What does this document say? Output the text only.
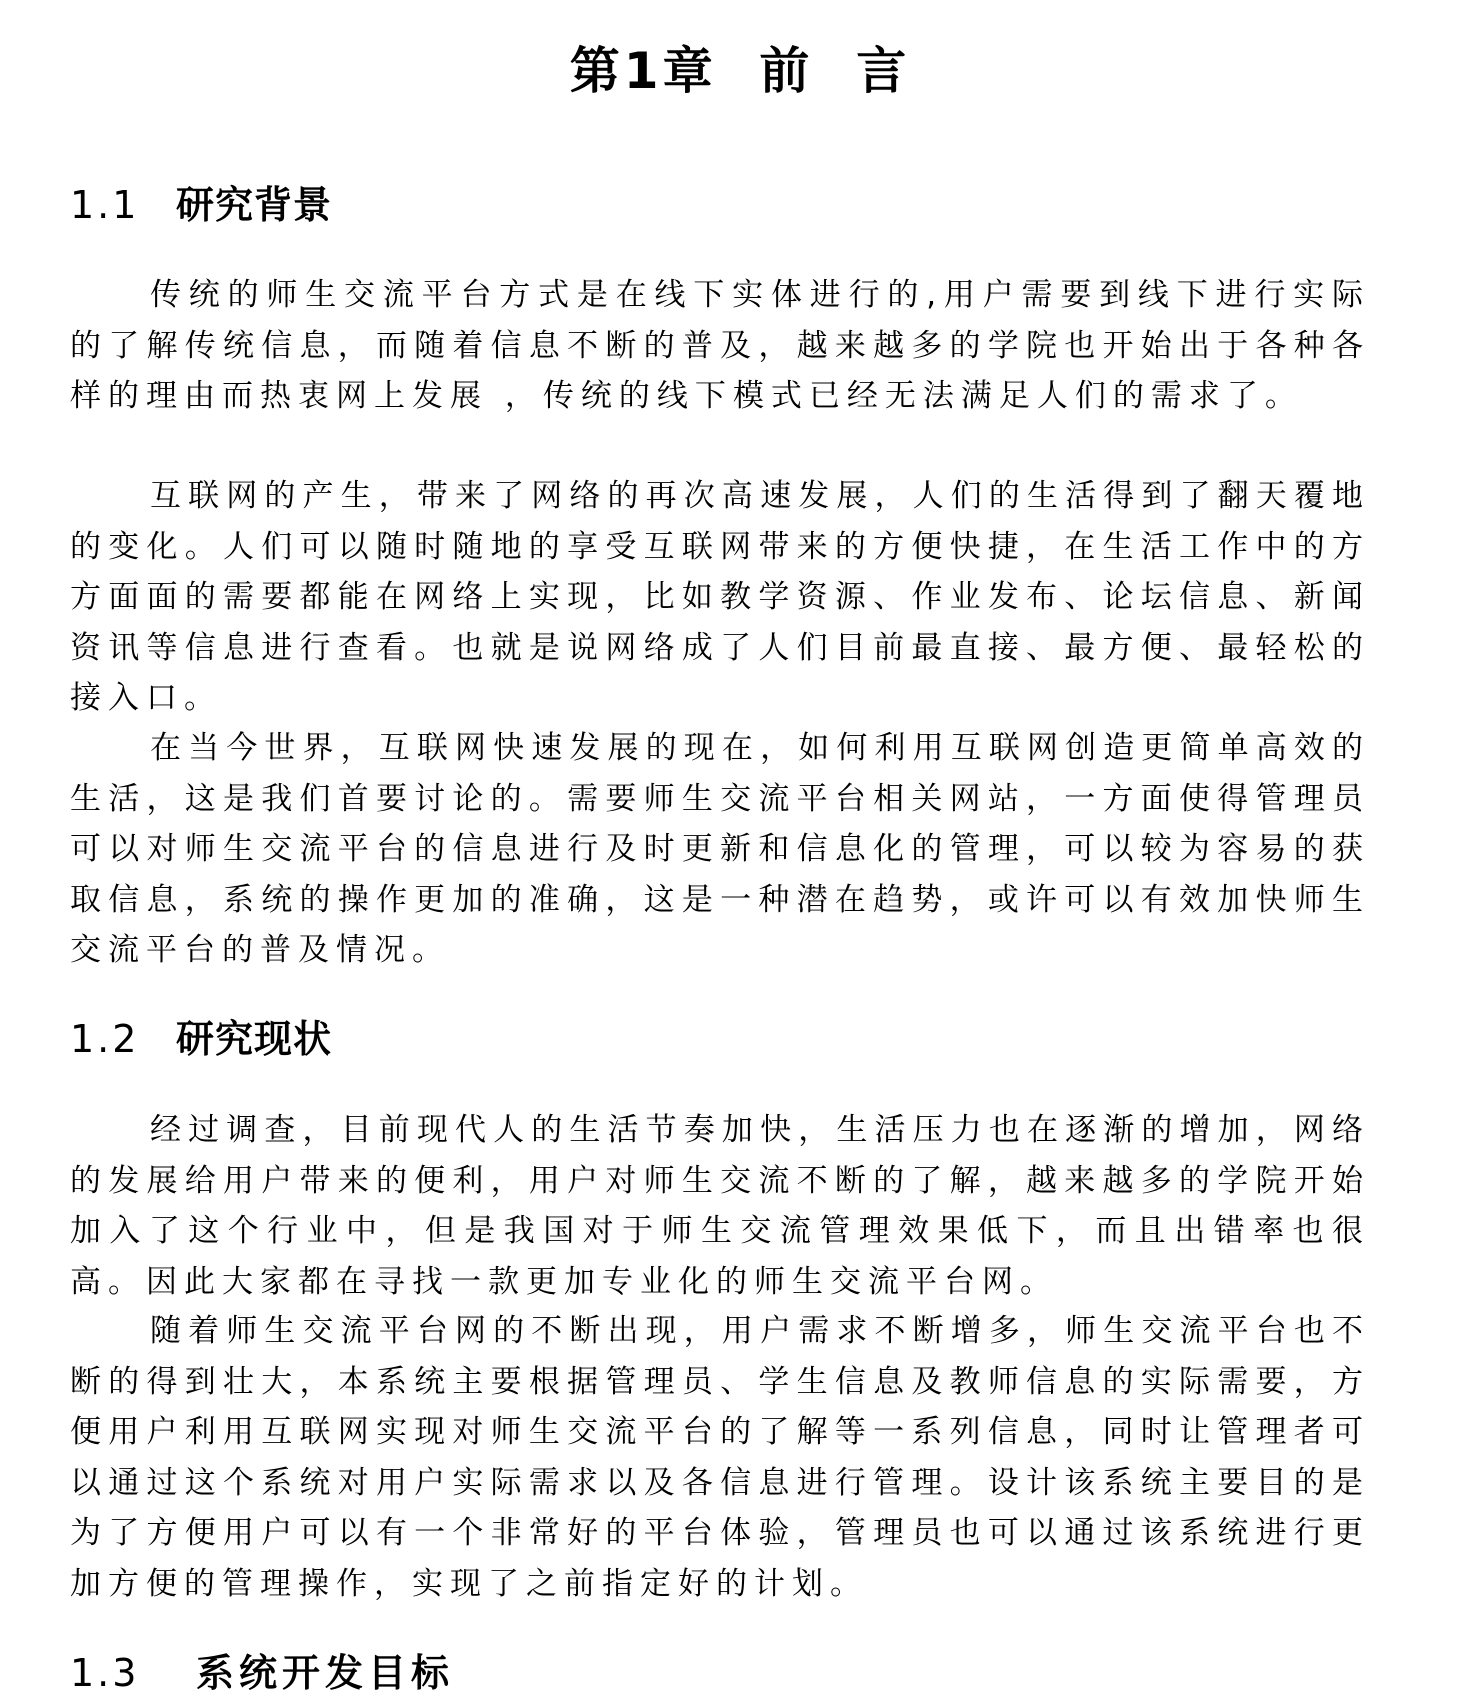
第1章  前  言
1.1 研究背景

传统的师生交流平台方式是在线下实体进行的,用户需要到线下进行实际的了解传统信息，而随着信息不断的普及，越来越多的学院也开始出于各种各样的理由而热衷网上发展 ，传统的线下模式已经无法满足人们的需求了。

互联网的产生，带来了网络的再次高速发展，人们的生活得到了翻天覆地的变化。人们可以随时随地的享受互联网带来的方便快捷，在生活工作中的方方面面的需要都能在网络上实现，比如教学资源、作业发布、论坛信息、新闻资讯等信息进行查看。也就是说网络成了人们目前最直接、最方便、最轻松的接入口。

在当今世界，互联网快速发展的现在，如何利用互联网创造更简单高效的生活，这是我们首要讨论的。需要师生交流平台相关网站，一方面使得管理员可以对师生交流平台的信息进行及时更新和信息化的管理，可以较为容易的获取信息，系统的操作更加的准确，这是一种潜在趋势，或许可以有效加快师生交流平台的普及情况。

1.2 研究现状

经过调查，目前现代人的生活节奏加快，生活压力也在逐渐的增加，网络的发展给用户带来的便利，用户对师生交流不断的了解，越来越多的学院开始加入了这个行业中，但是我国对于师生交流管理效果低下，而且出错率也很高。因此大家都在寻找一款更加专业化的师生交流平台网。

随着师生交流平台网的不断出现，用户需求不断增多，师生交流平台也不断的得到壮大，本系统主要根据管理员、学生信息及教师信息的实际需要，方便用户利用互联网实现对师生交流平台的了解等一系列信息，同时让管理者可以通过这个系统对用户实际需求以及各信息进行管理。设计该系统主要目的是为了方便用户可以有一个非常好的平台体验，管理员也可以通过该系统进行更加方便的管理操作，实现了之前指定好的计划。

1.3 系统开发目标
